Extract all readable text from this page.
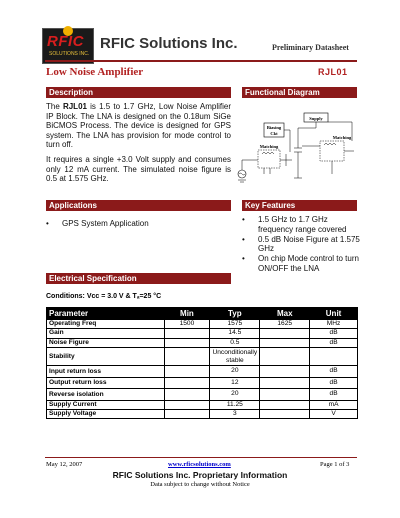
RFIC
SOLUTIONS INC.
RFIC Solutions Inc.	Preliminary Datasheet
Low Noise Amplifier	RJL01
Description
The RJL01 is 1.5 to 1.7 GHz, Low Noise Amplifier IP Block. The LNA is designed on the 0.18um SiGe BiCMOS Process. The device is designed for GPS system. The LNA has provision for mode control to turn off.
It requires a single +3.0 Volt supply and consumes only 12 mA current. The simulated noise figure is 0.5 at 1.575 GHz.
Functional Diagram
Supply
Biasing
Ckt
Matching
Matching
Applications
• GPS System Application
Key Features
• 1.5 GHz to 1.7 GHz frequency range covered
• 0.5 dB Noise Figure at 1.575 GHz
• On chip Mode control to turn ON/OFF the LNA
Electrical Specification
Conditions: Vcc = 3.0 V & Tₐ=25 °C
Parameter	Min	Typ	Max	Unit
Operating Freq	1500	1575	1625	MHz
Gain		14.5		dB
Noise Figure		0.5		dB
Stability		Unconditionally stable		
Input return loss		20		dB
Output return loss		12		dB
Reverse isolation		20		dB
Supply Current		11.25		mA
Supply Voltage		3		V
May 12, 2007	www.rficsolutions.com	Page 1 of 3
RFIC Solutions Inc. Proprietary Information
Data subject to change without Notice
